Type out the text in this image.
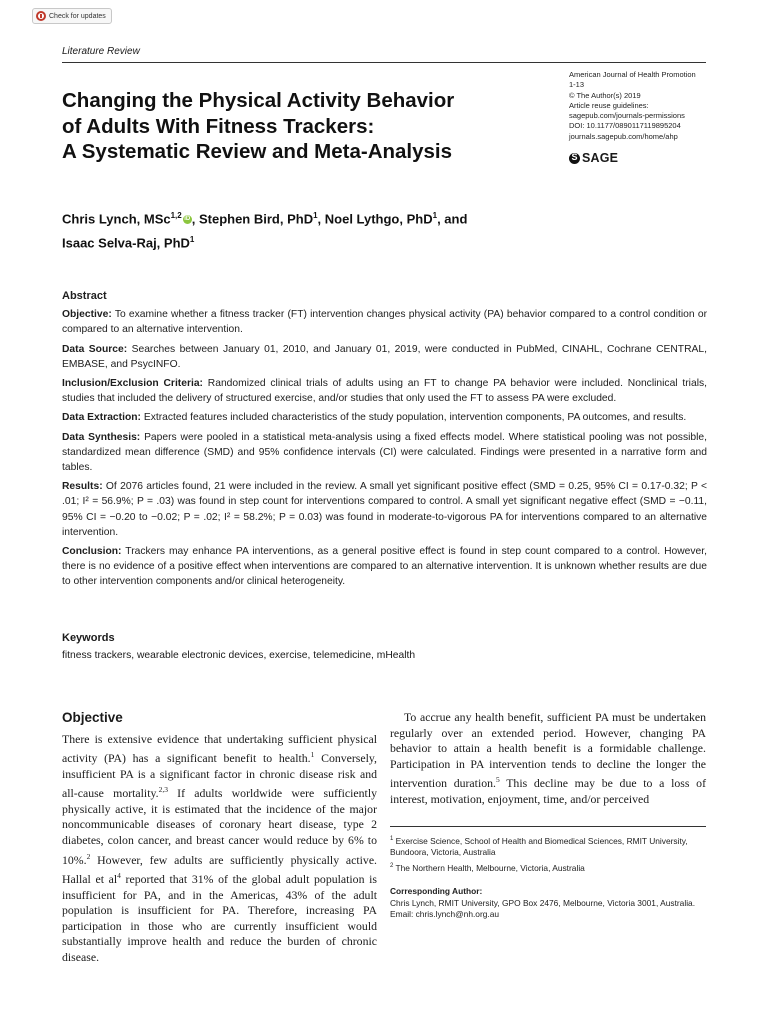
Check for updates
Literature Review
American Journal of Health Promotion
1-13
© The Author(s) 2019
Article reuse guidelines:
sagepub.com/journals-permissions
DOI: 10.1177/0890117119895204
journals.sagepub.com/home/ahp
S
SAGE
Changing the Physical Activity Behavior
of Adults With Fitness Trackers:
A Systematic Review and Meta-Analysis
Chris Lynch, MSc$^{1,2}$ iD , Stephen Bird, PhD$^1$, Noel Lythgo, PhD$^1$, and
Isaac Selva-Raj, PhD$^1$
Abstract

Objective: To examine whether a fitness tracker (FT) intervention changes physical activity (PA) behavior compared to a control condition or compared to an alternative intervention.

Data Source: Searches between January 01, 2010, and January 01, 2019, were conducted in PubMed, CINAHL, Cochrane CENTRAL, EMBASE, and PsycINFO.

Inclusion/Exclusion Criteria: Randomized clinical trials of adults using an FT to change PA behavior were included. Nonclinical trials, studies that included the delivery of structured exercise, and/or studies that only used the FT to assess PA were excluded.

Data Extraction: Extracted features included characteristics of the study population, intervention components, PA outcomes, and results.

Data Synthesis: Papers were pooled in a statistical meta-analysis using a fixed effects model. Where statistical pooling was not possible, standardized mean difference (SMD) and 95% confidence intervals (CI) were calculated. Findings were presented in a narrative form and tables.

Results: Of 2076 articles found, 21 were included in the review. A small yet significant positive effect (SMD = 0.25, 95% CI = 0.17-0.32; P < .01; I² = 56.9%; P = .03) was found in step count for interventions compared to control. A small yet significant negative effect (SMD = −0.11, 95% CI = −0.20 to −0.02; P = .02; I² = 58.2%; P = 0.03) was found in moderate-to-vigorous PA for interventions compared to an alternative intervention.

Conclusion: Trackers may enhance PA interventions, as a general positive effect is found in step count compared to a control. However, there is no evidence of a positive effect when interventions are compared to an alternative intervention. It is unknown whether results are due to other intervention components and/or clinical heterogeneity.

Keywords
fitness trackers, wearable electronic devices, exercise, telemedicine, mHealth
Objective

There is extensive evidence that undertaking sufficient physical activity (PA) has a significant benefit to health.$^1$ Conversely, insufficient PA is a significant factor in chronic disease risk and all-cause mortality.$^{2,3}$ If adults worldwide were sufficiently physically active, it is estimated that the incidence of the major noncommunicable diseases of coronary heart disease, type 2 diabetes, colon cancer, and breast cancer would reduce by 6% to 10%.$^2$ However, few adults are sufficiently physically active. Hallal et $al^4$ reported that 31% of the global adult population is insufficient for PA, and in the Americas, 43% of the adult population is insufficient for PA. Therefore, increasing PA participation in those who are currently insufficient would substantially improve health and reduce the burden of chronic disease.

To accrue any health benefit, sufficient PA must be undertaken regularly over an extended period. However, changing PA behavior to attain a health benefit is a formidable challenge. Participation in PA intervention tends to decline the longer the intervention duration.$^5$ This decline may be due to a loss of interest, motivation, enjoyment, time, and/or perceived

$^1$ Exercise Science, School of Health and Biomedical Sciences, RMIT University, Bundoora, Victoria, Australia
$^2$ The Northern Health, Melbourne, Victoria, Australia
Corresponding Author:
Chris Lynch, RMIT University, GPO Box 2476, Melbourne, Victoria 3001, Australia.
Email: chris.lynch@nh.org.au
